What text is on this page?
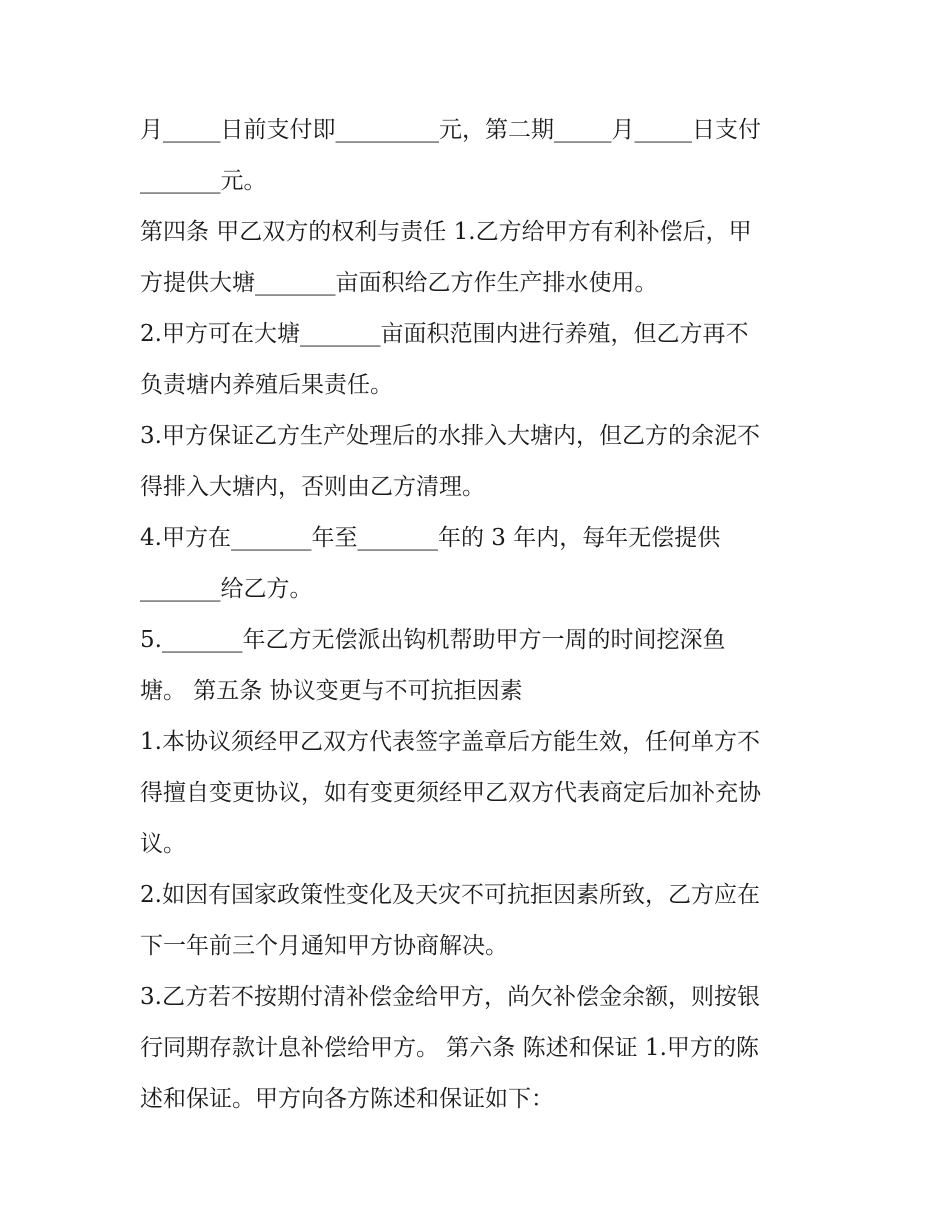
月_____日前支付即_________元，第二期_____月_____日支付
_______元。
第四条 甲乙双方的权利与责任 1.乙方给甲方有利补偿后，甲
方提供大塘_______亩面积给乙方作生产排水使用。
2.甲方可在大塘_______亩面积范围内进行养殖，但乙方再不
负责塘内养殖后果责任。
3.甲方保证乙方生产处理后的水排入大塘内，但乙方的余泥不
得排入大塘内，否则由乙方清理。
4.甲方在_______年至_______年的 3 年内，每年无偿提供
_______给乙方。
5._______年乙方无偿派出钩机帮助甲方一周的时间挖深鱼
塘。 第五条 协议变更与不可抗拒因素
1.本协议须经甲乙双方代表签字盖章后方能生效，任何单方不
得擅自变更协议，如有变更须经甲乙双方代表商定后加补充协
议。
2.如因有国家政策性变化及天灾不可抗拒因素所致，乙方应在
下一年前三个月通知甲方协商解决。
3.乙方若不按期付清补偿金给甲方，尚欠补偿金余额，则按银
行同期存款计息补偿给甲方。 第六条 陈述和保证 1.甲方的陈
述和保证。甲方向各方陈述和保证如下：
